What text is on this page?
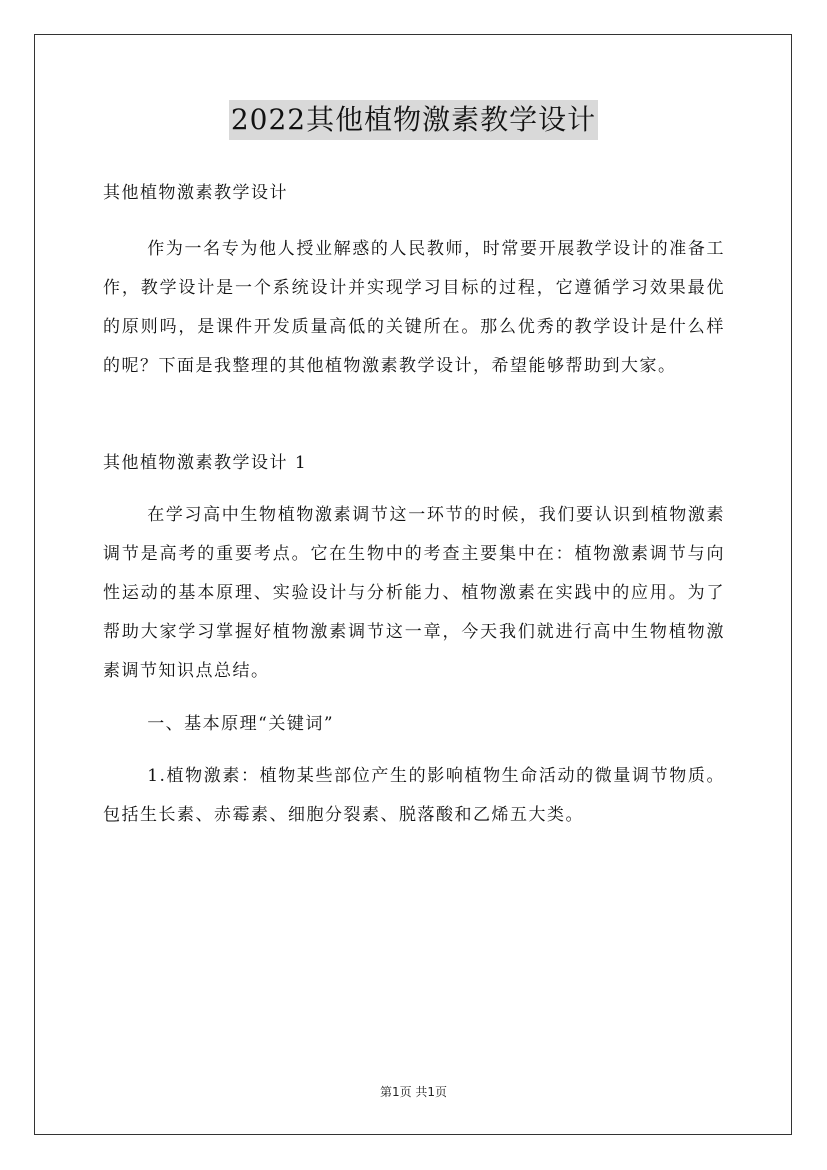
2022其他植物激素教学设计
其他植物激素教学设计

作为一名专为他人授业解惑的人民教师，时常要开展教学设计的准备工作，教学设计是一个系统设计并实现学习目标的过程，它遵循学习效果最优的原则吗，是课件开发质量高低的关键所在。那么优秀的教学设计是什么样的呢？下面是我整理的其他植物激素教学设计，希望能够帮助到大家。

其他植物激素教学设计 1

在学习高中生物植物激素调节这一环节的时候，我们要认识到植物激素调节是高考的重要考点。它在生物中的考查主要集中在：植物激素调节与向性运动的基本原理、实验设计与分析能力、植物激素在实践中的应用。为了帮助大家学习掌握好植物激素调节这一章，今天我们就进行高中生物植物激素调节知识点总结。

一、基本原理“关键词”

1.植物激素：植物某些部位产生的影响植物生命活动的微量调节物质。包括生长素、赤霉素、细胞分裂素、脱落酸和乙烯五大类。

第1页 共1页
